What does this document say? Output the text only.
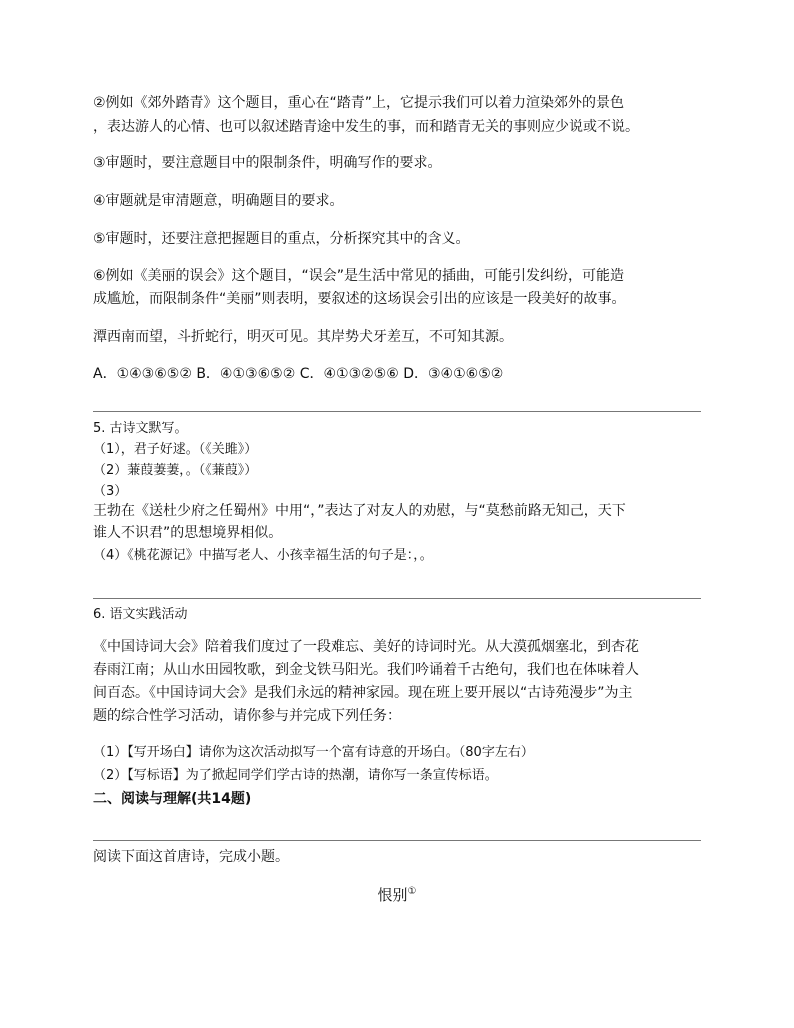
②例如《郊外踏青》这个题目，重心在“踏青”上，它提示我们可以着力渲染郊外的景色
，表达游人的心情、也可以叙述踏青途中发生的事，而和踏青无关的事则应少说或不说。
③审题时，要注意题目中的限制条件，明确写作的要求。
④审题就是审清题意，明确题目的要求。
⑤审题时，还要注意把握题目的重点，分析探究其中的含义。
⑥例如《美丽的误会》这个题目，“误会”是生活中常见的插曲，可能引发纠纷，可能造
成尴尬，而限制条件“美丽”则表明，要叙述的这场误会引出的应该是一段美好的故事。
潭西南而望，斗折蛇行，明灭可见。其岸势犬牙差互，不可知其源。
A．①④③⑥⑤② B．④①③⑥⑤② C．④①③②⑤⑥ D．③④①⑥⑤②
5. 古诗文默写。
（1），君子好逑。（《关雎》）
（2）蒹葭萋萋，。（《蒹葭》）
（3）
王勃在《送杜少府之任蜀州》中用“，”表达了对友人的劝慰，与“莫愁前路无知己，天下
谁人不识君”的思想境界相似。
（4）《桃花源记》中描写老人、小孩幸福生活的句子是：，。
6. 语文实践活动
《中国诗词大会》陪着我们度过了一段难忘、美好的诗词时光。从大漠孤烟塞北，到杏花
春雨江南；从山水田园牧歌，到金戈铁马阳光。我们吟诵着千古绝句，我们也在体味着人
间百态。《中国诗词大会》是我们永远的精神家园。现在班上要开展以“古诗苑漫步”为主
题的综合性学习活动，请你参与并完成下列任务：
（1）【写开场白】请你为这次活动拟写一个富有诗意的开场白。（80字左右）
（2）【写标语】为了掀起同学们学古诗的热潮，请你写一条宣传标语。
二、阅读与理解(共14题)
阅读下面这首唐诗，完成小题。
恨别①
